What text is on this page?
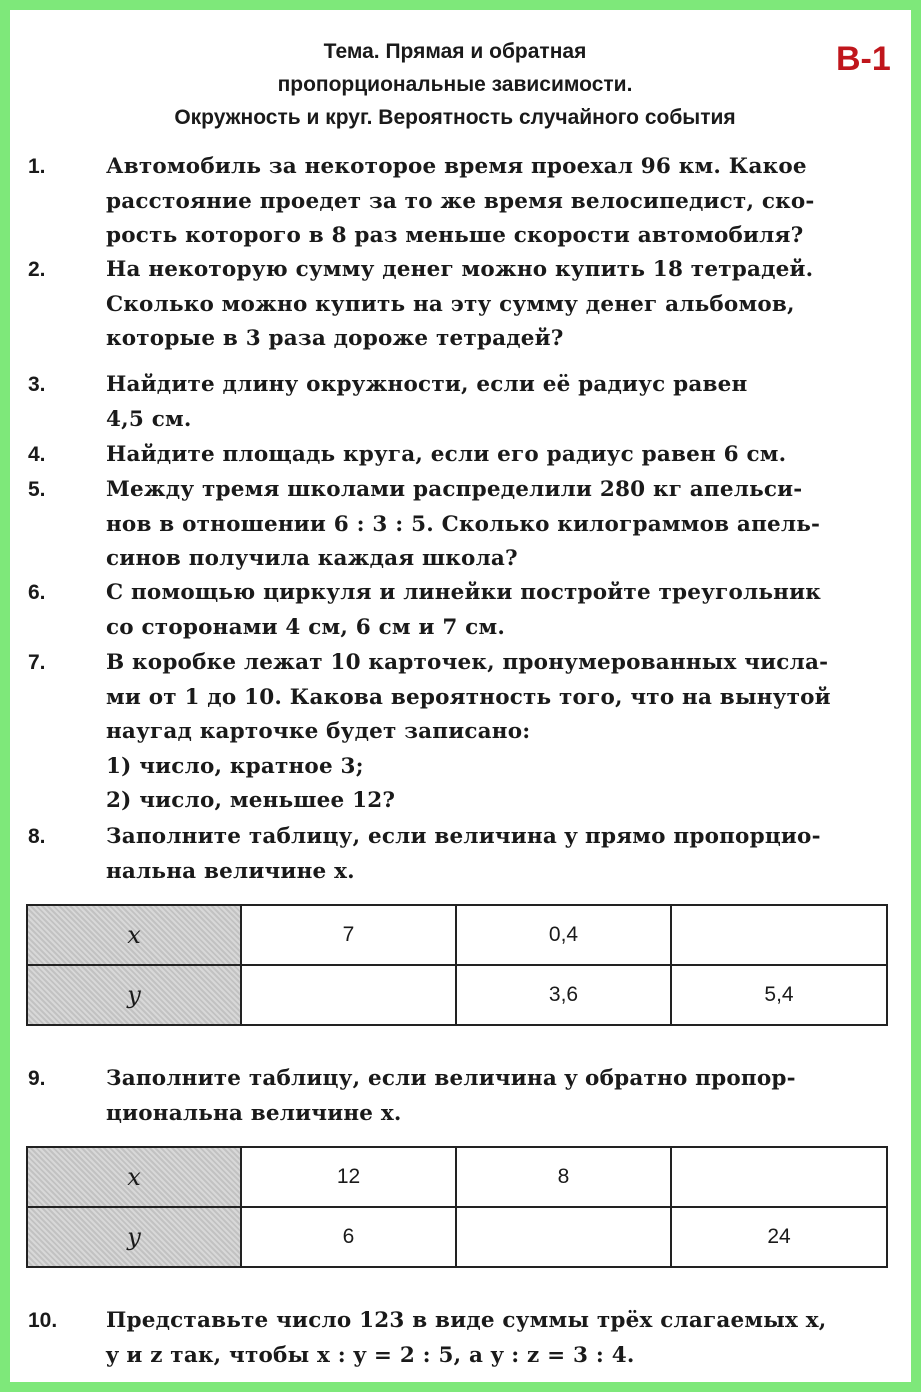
Тема. Прямая и обратная
пропорциональные зависимости.
Окружность и круг. Вероятность случайного события
В-1
1.	Автомобиль за некоторое время проехал 96 км. Какое
расстояние проедет за то же время велосипедист, ско-
рость которого в 8 раз меньше скорости автомобиля?
2.	На некоторую сумму денег можно купить 18 тетрадей.
Сколько можно купить на эту сумму денег альбомов,
которые в 3 раза дороже тетрадей?
3.	Найдите длину окружности, если её радиус равен
4,5 см.
4.	Найдите площадь круга, если его радиус равен 6 см.
5.	Между тремя школами распределили 280 кг апельси-
нов в отношении 6 : 3 : 5. Сколько килограммов апель-
синов получила каждая школа?
6.	С помощью циркуля и линейки постройте треугольник
со сторонами 4 см, 6 см и 7 см.
7.	В коробке лежат 10 карточек, пронумерованных числа-
ми от 1 до 10. Какова вероятность того, что на вынутой
наугад карточке будет записано:
1) число, кратное 3;
2) число, меньшее 12?
8.	Заполните таблицу, если величина y прямо пропорцио-
нальна величине x.
x	7	0,4	
y		3,6	5,4
9.	Заполните таблицу, если величина y обратно пропор-
циональна величине x.
x	12	8	
y	6		24
10. Представьте число 123 в виде суммы трёх слагаемых x,
y и z так, чтобы x : y = 2 : 5, а y : z = 3 : 4.
